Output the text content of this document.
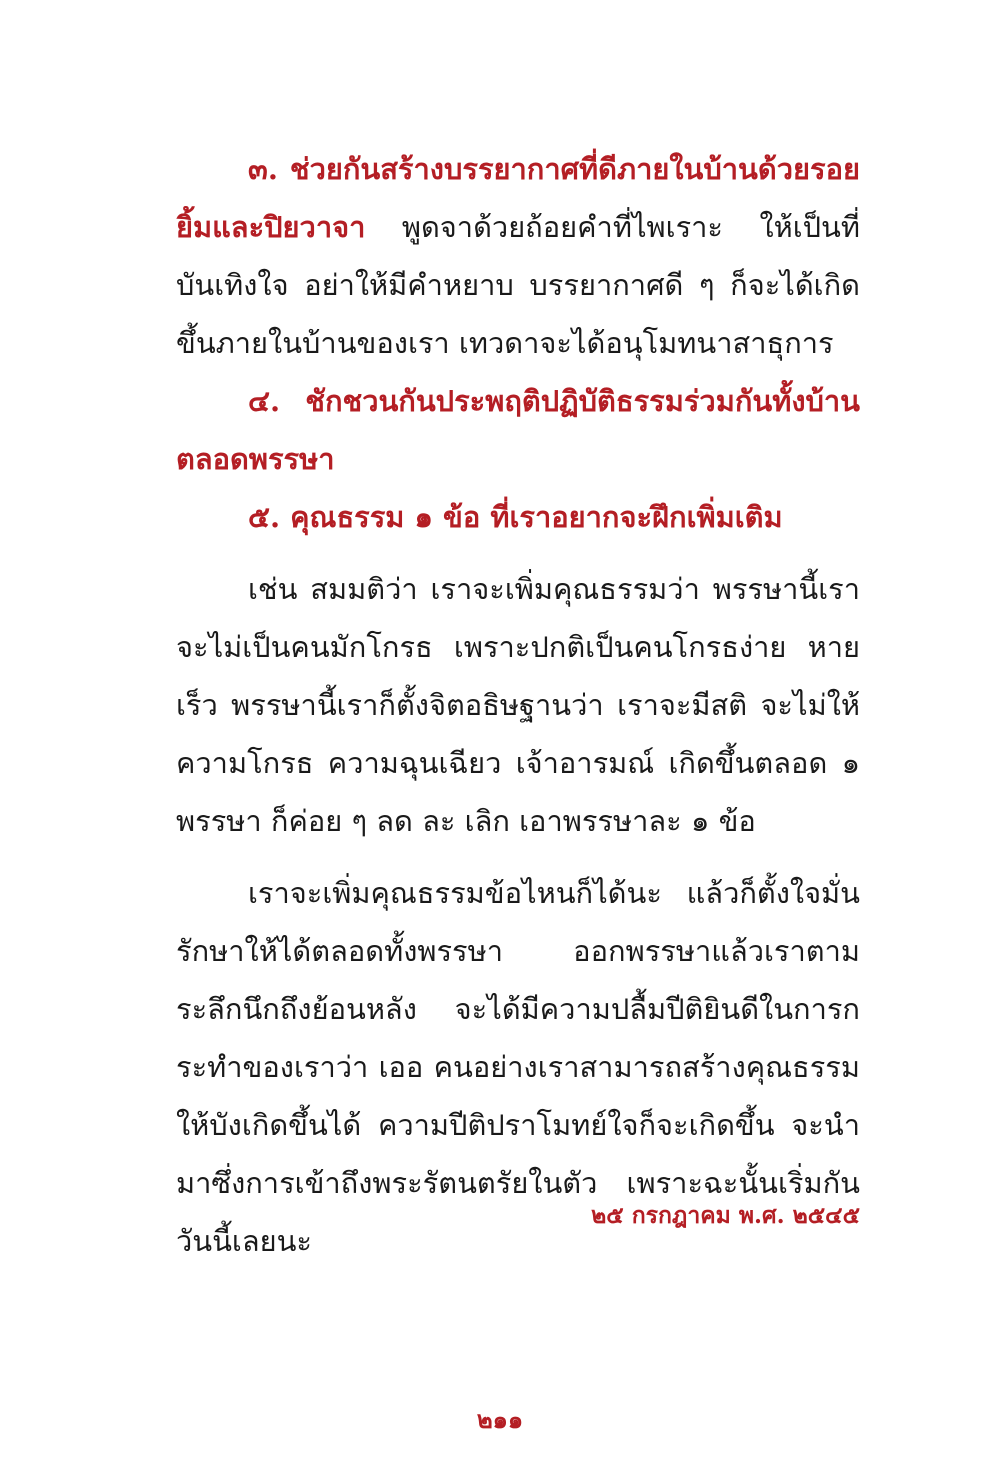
๓. ช่วยกันสร้างบรรยากาศที่ดีภายในบ้านด้วยรอยยิ้มและปิยวาจา พูดจาด้วยถ้อยคำที่ไพเราะ ให้เป็นที่บันเทิงใจ อย่าให้มีคำหยาบ บรรยากาศดี ๆ ก็จะได้เกิดขึ้นภายในบ้านของเรา เทวดาจะได้อนุโมทนาสาธุการ

๔. ชักชวนกันประพฤติปฏิบัติธรรมร่วมกันทั้งบ้านตลอดพรรษา

๕. คุณธรรม ๑ ข้อ ที่เราอยากจะฝึกเพิ่มเติม

เช่น สมมติว่า เราจะเพิ่มคุณธรรมว่า พรรษานี้เราจะไม่เป็นคนมักโกรธ เพราะปกติเป็นคนโกรธง่าย หายเร็ว พรรษานี้เราก็ตั้งจิตอธิษฐานว่า เราจะมีสติ จะไม่ให้ความโกรธ ความฉุนเฉียว เจ้าอารมณ์ เกิดขึ้นตลอด ๑ พรรษา ก็ค่อย ๆ ลด ละ เลิก เอาพรรษาละ ๑ ข้อ

เราจะเพิ่มคุณธรรมข้อไหนก็ได้นะ แล้วก็ตั้งใจมั่นรักษาให้ได้ตลอดทั้งพรรษา ออกพรรษาแล้วเราตามระลึกนึกถึงย้อนหลัง จะได้มีความปลื้มปีติยินดีในการกระทำของเราว่า เออ คนอย่างเราสามารถสร้างคุณธรรมให้บังเกิดขึ้นได้ ความปีติปราโมทย์ใจก็จะเกิดขึ้น จะนำมาซึ่งการเข้าถึงพระรัตนตรัยในตัว เพราะฉะนั้นเริ่มกันวันนี้เลยนะ

๒๕ กรกฎาคม พ.ศ. ๒๕๔๕
๒๑๑
